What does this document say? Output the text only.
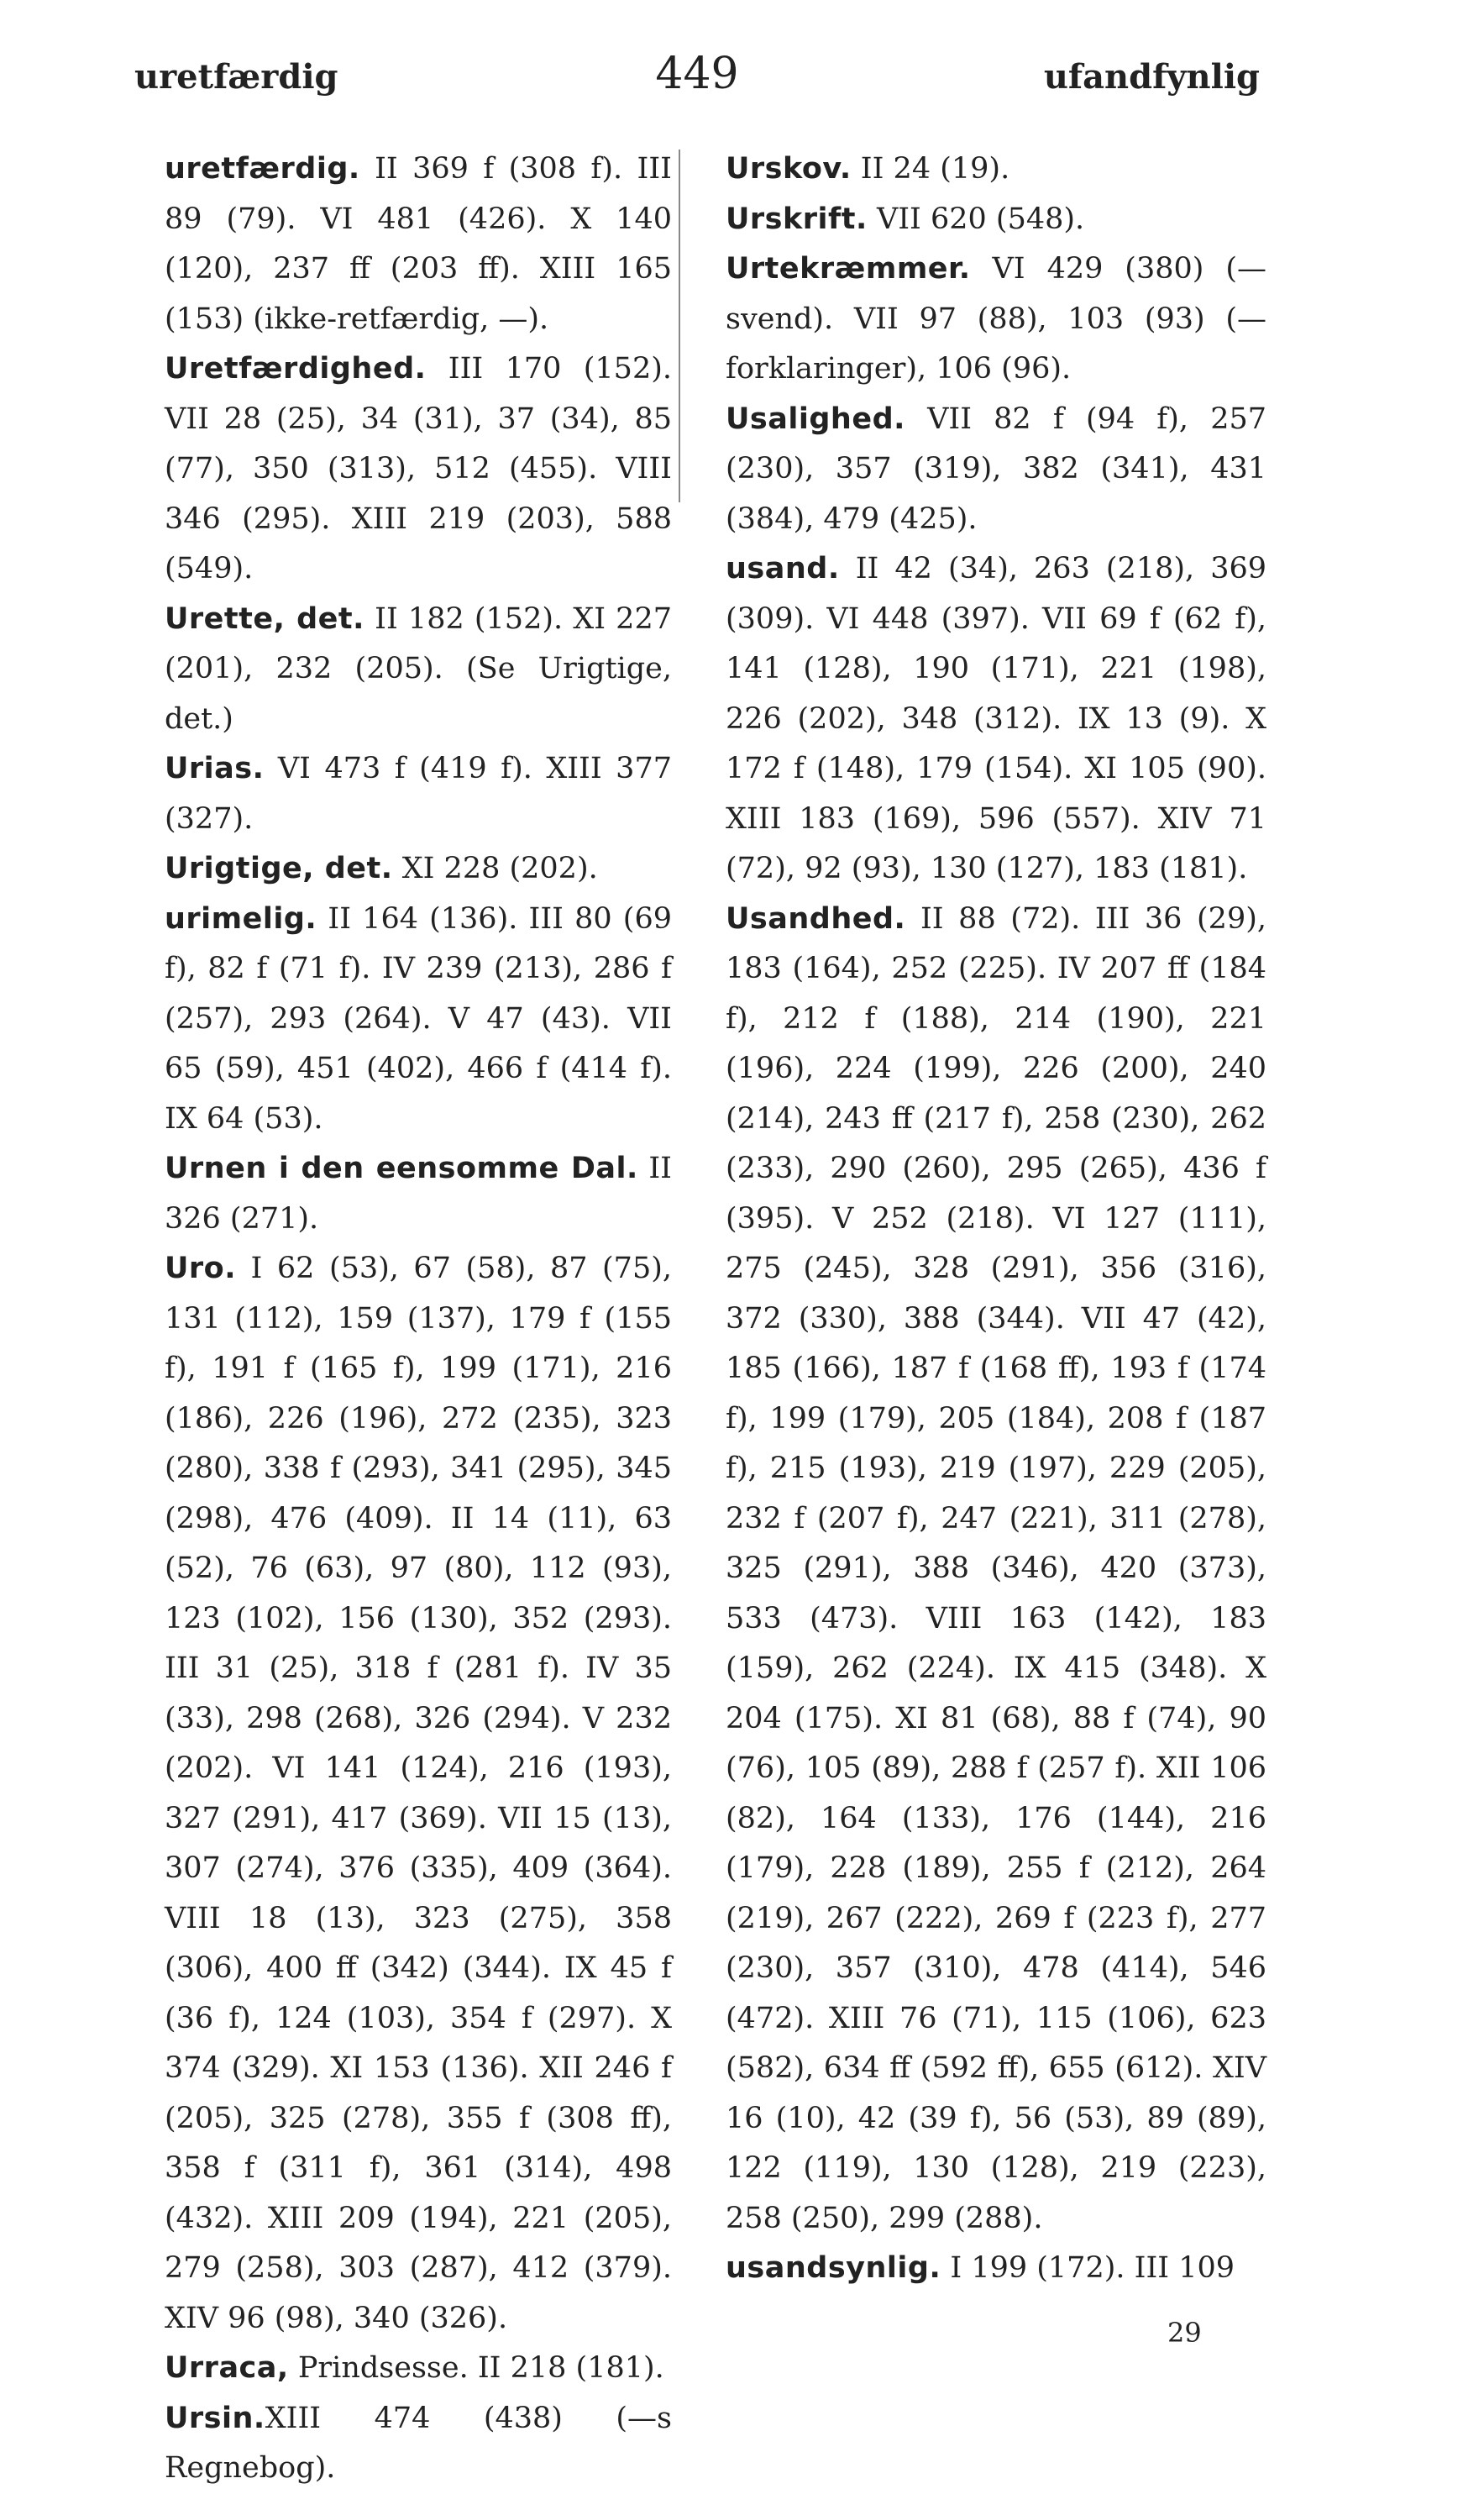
uretfærdig	449	ufandfynlig
uretfærdig. II 369 f (308 f). III 89 (79). VI 481 (426). X 140 (120), 237 ff (203 ff). XIII 165 (153) (ikke-retfærdig, —).
Uretfærdighed. III 170 (152). VII 28 (25), 34 (31), 37 (34), 85 (77), 350 (313), 512 (455). VIII 346 (295). XIII 219 (203), 588 (549).
Urette, det. II 182 (152). XI 227 (201), 232 (205). (Se Urigtige, det.)
Urias. VI 473 f (419 f). XIII 377 (327).
Urigtige, det. XI 228 (202).
urimelig. II 164 (136). III 80 (69 f), 82 f (71 f). IV 239 (213), 286 f (257), 293 (264). V 47 (43). VII 65 (59), 451 (402), 466 f (414 f). IX 64 (53).
Urnen i den eensomme Dal. II 326 (271).
Uro. I 62 (53), 67 (58), 87 (75), 131 (112), 159 (137), 179 f (155 f), 191 f (165 f), 199 (171), 216 (186), 226 (196), 272 (235), 323 (280), 338 f (293), 341 (295), 345 (298), 476 (409). II 14 (11), 63 (52), 76 (63), 97 (80), 112 (93), 123 (102), 156 (130), 352 (293). III 31 (25), 318 f (281 f). IV 35 (33), 298 (268), 326 (294). V 232 (202). VI 141 (124), 216 (193), 327 (291), 417 (369). VII 15 (13), 307 (274), 376 (335), 409 (364). VIII 18 (13), 323 (275), 358 (306), 400 ff (342) (344). IX 45 f (36 f), 124 (103), 354 f (297). X 374 (329). XI 153 (136). XII 246 f (205), 325 (278), 355 f (308 ff), 358 f (311 f), 361 (314), 498 (432). XIII 209 (194), 221 (205), 279 (258), 303 (287), 412 (379). XIV 96 (98), 340 (326).
Urraca, Prindsesse. II 218 (181).
Ursin.XIII 474 (438) (—s Regnebog).
Urskov. II 24 (19).
Urskrift. VII 620 (548).
Urtekræmmer. VI 429 (380) (—svend). VII 97 (88), 103 (93) (—forklaringer), 106 (96).
Usalighed. VII 82 f (94 f), 257 (230), 357 (319), 382 (341), 431 (384), 479 (425).
usand. II 42 (34), 263 (218), 369 (309). VI 448 (397). VII 69 f (62 f), 141 (128), 190 (171), 221 (198), 226 (202), 348 (312). IX 13 (9). X 172 f (148), 179 (154). XI 105 (90). XIII 183 (169), 596 (557). XIV 71 (72), 92 (93), 130 (127), 183 (181).
Usandhed. II 88 (72). III 36 (29), 183 (164), 252 (225). IV 207 ff (184 f), 212 f (188), 214 (190), 221 (196), 224 (199), 226 (200), 240 (214), 243 ff (217 f), 258 (230), 262 (233), 290 (260), 295 (265), 436 f (395). V 252 (218). VI 127 (111), 275 (245), 328 (291), 356 (316), 372 (330), 388 (344). VII 47 (42), 185 (166), 187 f (168 ff), 193 f (174 f), 199 (179), 205 (184), 208 f (187 f), 215 (193), 219 (197), 229 (205), 232 f (207 f), 247 (221), 311 (278), 325 (291), 388 (346), 420 (373), 533 (473). VIII 163 (142), 183 (159), 262 (224). IX 415 (348). X 204 (175). XI 81 (68), 88 f (74), 90 (76), 105 (89), 288 f (257 f). XII 106 (82), 164 (133), 176 (144), 216 (179), 228 (189), 255 f (212), 264 (219), 267 (222), 269 f (223 f), 277 (230), 357 (310), 478 (414), 546 (472). XIII 76 (71), 115 (106), 623 (582), 634 ff (592 ff), 655 (612). XIV 16 (10), 42 (39 f), 56 (53), 89 (89), 122 (119), 130 (128), 219 (223), 258 (250), 299 (288).
usandsynlig. I 199 (172). III 109
29
